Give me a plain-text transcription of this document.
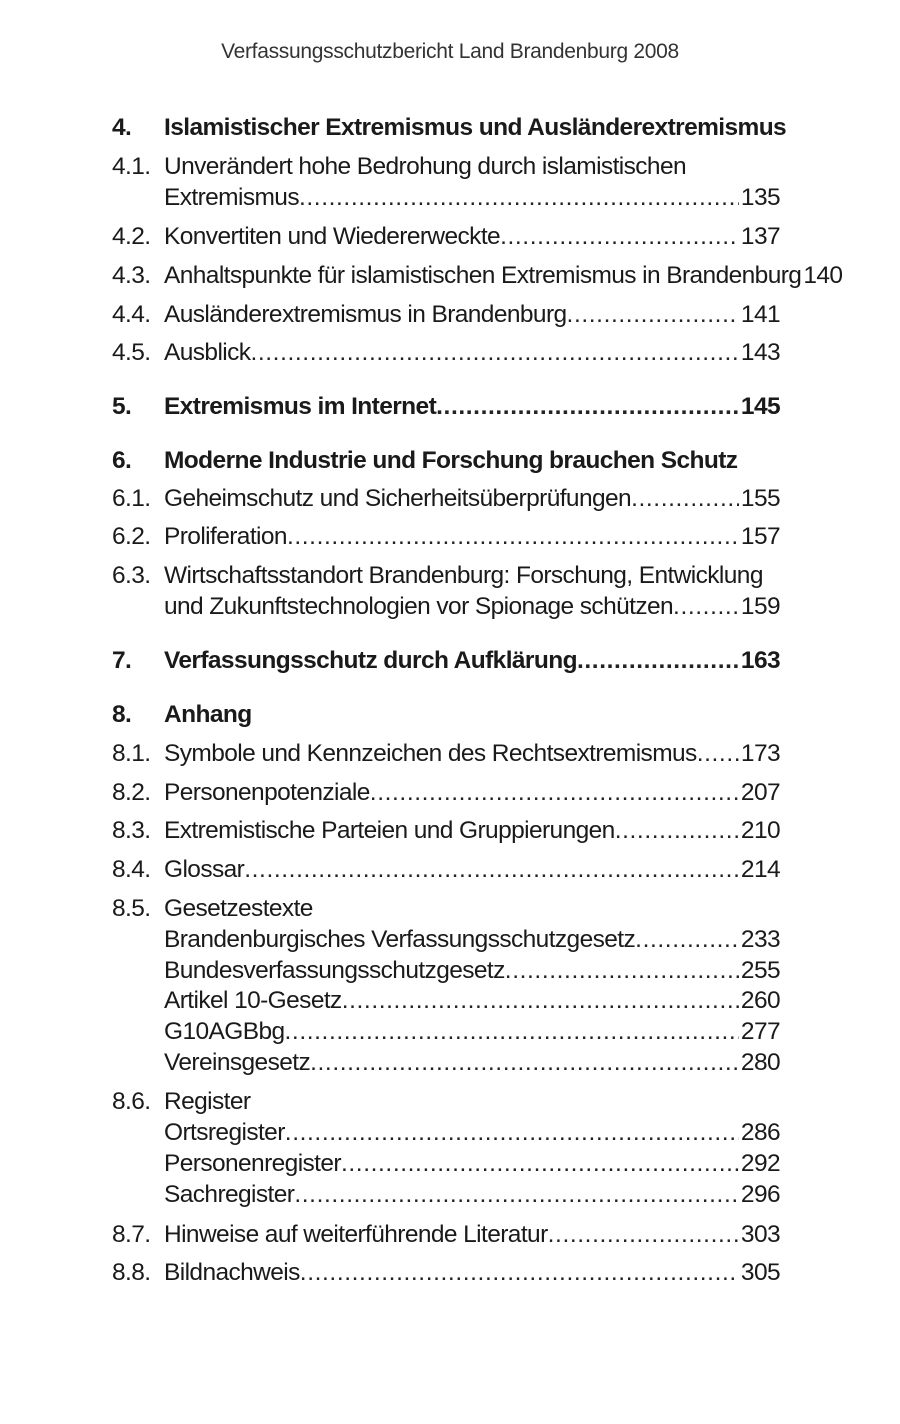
Verfassungsschutzbericht Land Brandenburg 2008
4. Islamistischer Extremismus und Ausländerextremismus
4.1. Unverändert hohe Bedrohung durch islamistischen
Extremismus .....	135
4.2. Konvertiten und Wiedererweckte .....	137
4.3. Anhaltspunkte für islamistischen Extremismus in Brandenburg 140
4.4. Ausländerextremismus in Brandenburg .....	141
4.5. Ausblick .....	143
5. Extremismus im Internet .....	145
6. Moderne Industrie und Forschung brauchen Schutz
6.1. Geheimschutz und Sicherheitsüberprüfungen .....	155
6.2. Proliferation .....	157
6.3. Wirtschaftsstandort Brandenburg: Forschung, Entwicklung
und Zukunftstechnologien vor Spionage schützen .....	159
7. Verfassungsschutz durch Aufklärung .....	163
8. Anhang
8.1. Symbole und Kennzeichen des Rechtsextremismus ..... 173
8.2. Personenpotenziale .....	207
8.3. Extremistische Parteien und Gruppierungen .....	210
8.4. Glossar .....	214
8.5. Gesetzestexte
Brandenburgisches Verfassungsschutzgesetz .....	233
Bundesverfassungsschutzgesetz .....	255
Artikel 10-Gesetz .....	260
G10AGBbg .....	277
Vereinsgesetz .....	280
8.6. Register
Ortsregister .....	286
Personenregister .....	292
Sachregister .....	296
8.7. Hinweise auf weiterführende Literatur .....	303
8.8. Bildnachweis .....	305
